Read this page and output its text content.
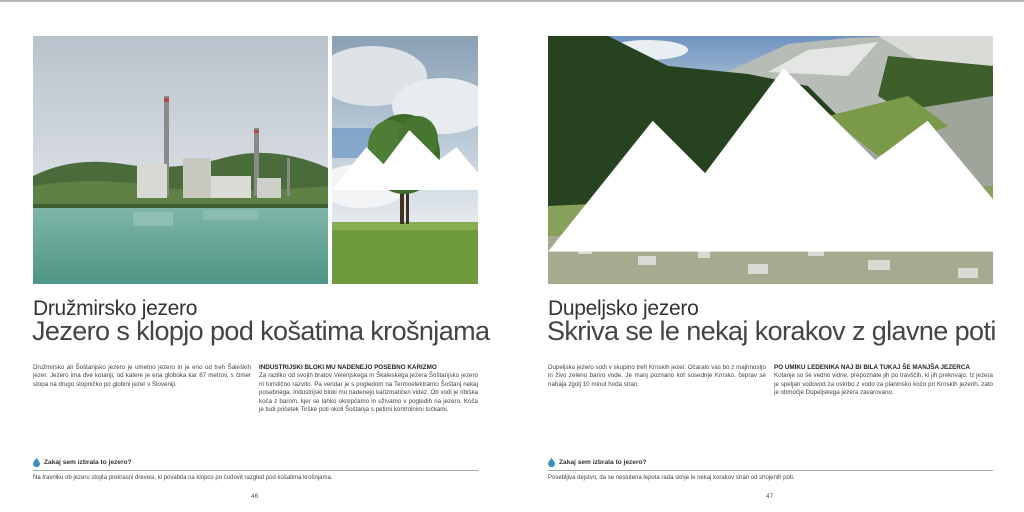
Družmirsko jezero
Jezero s klopjo pod košatima krošnjama
Družmirsko ali Šoštanjsko jezero je umetno jezero in je eno od treh Šaleških jezer. Jezero ima dve kotanji, od katere je ena globoka kar 87 metrov, s čimer stopa na drugo stopničko po globini jezer v Sloveniji.
INDUSTRIJSKI BLOKI MU NADENEJO POSEBNO KARIZMO
Za razliko od svojih bratov Velenjskega in Škaleskega jezera Šoštanjsko jezero ni turistično razvito. Pa vendar je s pogledom na Termoelektrarno Šoštanj nekaj posebnega. Industrijski bloki mu nadenejo karizmatičen videz. Ob vodi je ribiška koča z barom, kjer se lahko okrepčamo in uživamo v pogledih na jezero. Koča je tudi pričetek Tirške poti okoli Šoštanja s petimi kontrolnimi točkami.
Zakaj sem izbrala to jezero?
Na travniku ob jezeru stojita prekrasni drevesi, ki povabita na klopco po čudovit razgled pod košatima krošnjama.
46
Dupeljsko jezero
Skriva se le nekaj korakov z glavne poti
Dupeljsko jezero sodi v skupino treh Krnskih jezer. Očaralo vas bo z majhnostjo in živo zeleno barvo vode. Je manj poznano kot sosednje Krnsko, čeprav se nahaja zgolj 10 minut hoda stran.
PO UMIKU LEDENIKA NAJ BI BILA TUKAJ ŠE MANJŠA JEZERCA
Kotanje so še vedno vidne, prepoznate jih po travščih, ki jih preknvajo. Iz jezera je speljan vodovod za oskrbo z vodo za planinsko kočo pri Krnskih jezerih, zato je območje Dupeljskega jezera zavarovano.
Zakaj sem izbrala to jezero?
Posebljiva dejstvo, da se neslutena lepota rada skrije le nekaj korakov stran od shojenih poti.
47
